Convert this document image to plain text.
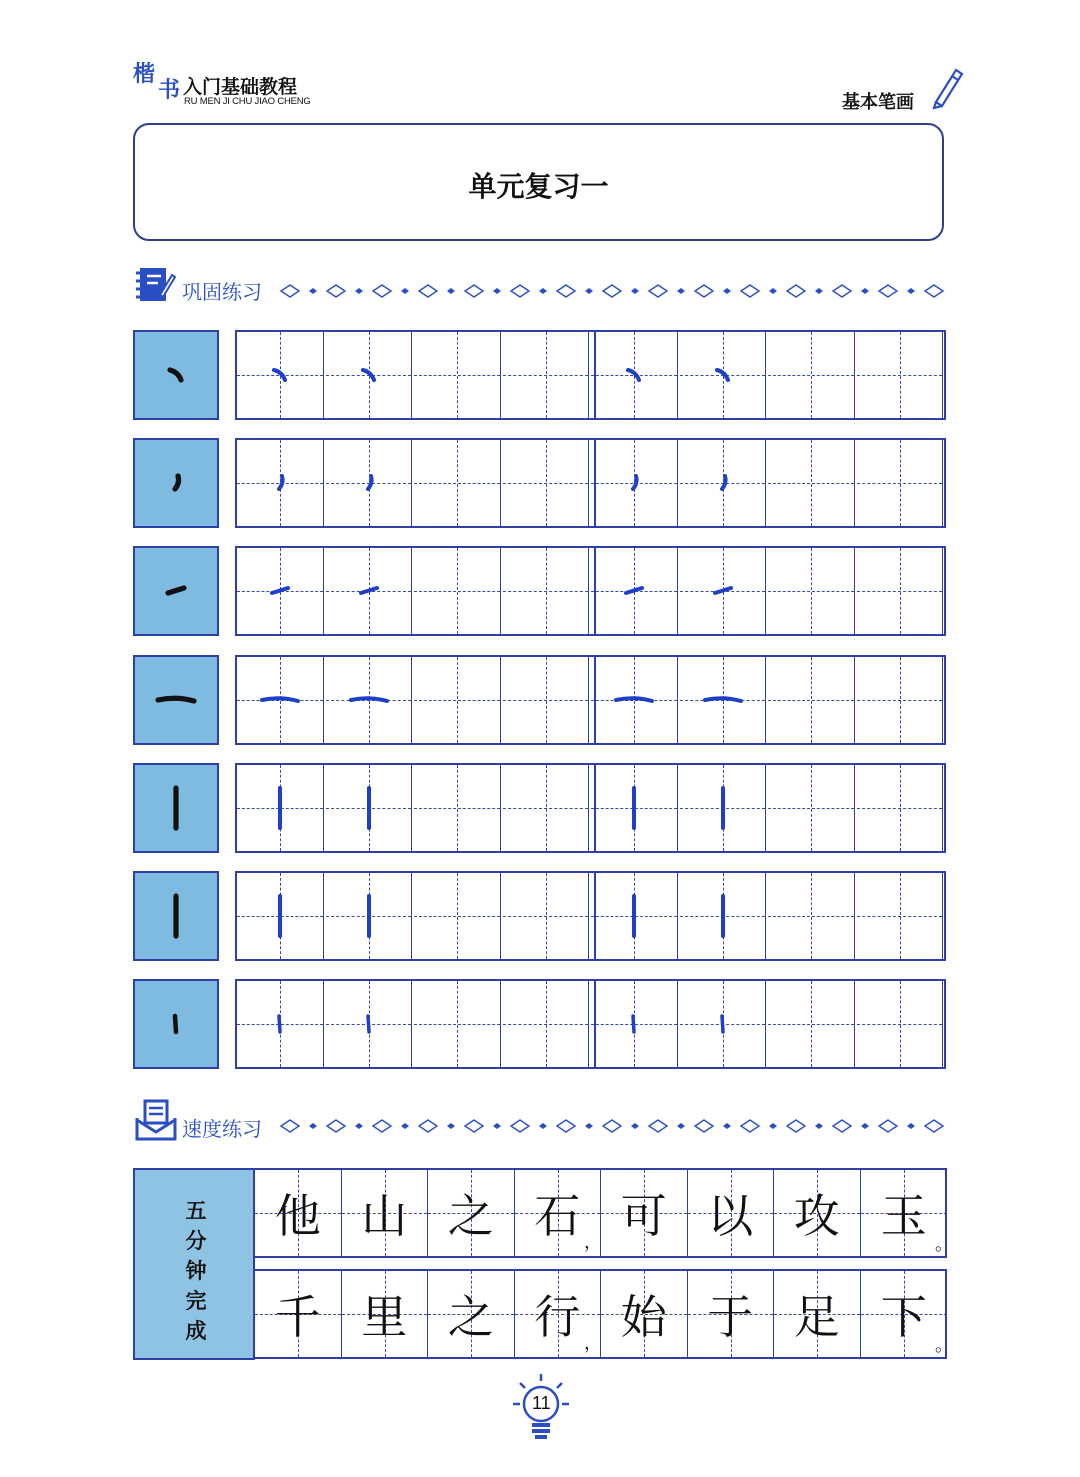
楷
书 入门基础教程
RU MEN JI CHU JIAO CHENG	基本笔画
单元复习一
巩固练习
速度练习
五分钟完成
他 山 之 石 ， 可 以 攻 玉
。
千 里 之 行 ， 始 于 足 下
。
11
